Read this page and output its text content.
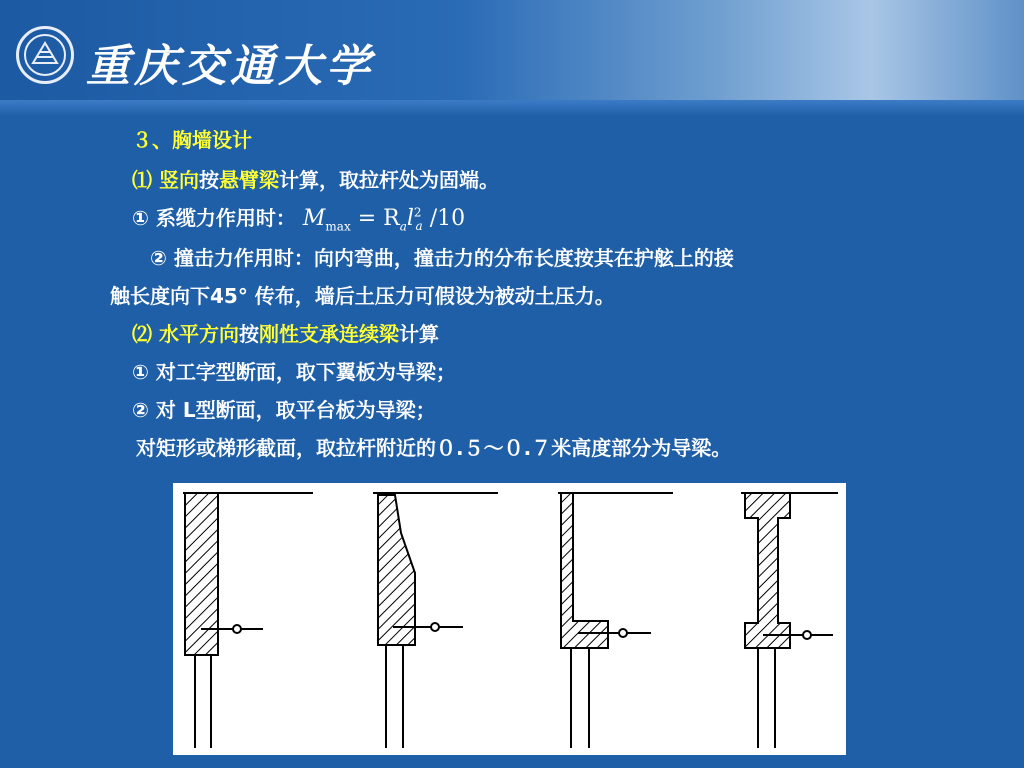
重庆交通大学
３、胸墙设计
⑴ 竖向按悬臂梁计算，取拉杆处为固端。
① 系缆力作用时： $M_{max} = R_al^2_a$ /10
② 撞击力作用时：向内弯曲，撞击力的分布长度按其在护舷上的接
触长度向下45° 传布，墙后土压力可假设为被动土压力。
⑵ 水平方向按刚性支承连续梁计算
① 对工字型断面，取下翼板为导梁；
② 对 L型断面，取平台板为导梁；
对矩形或梯形截面，取拉杆附近的０.５～０.７米高度部分为导梁。
